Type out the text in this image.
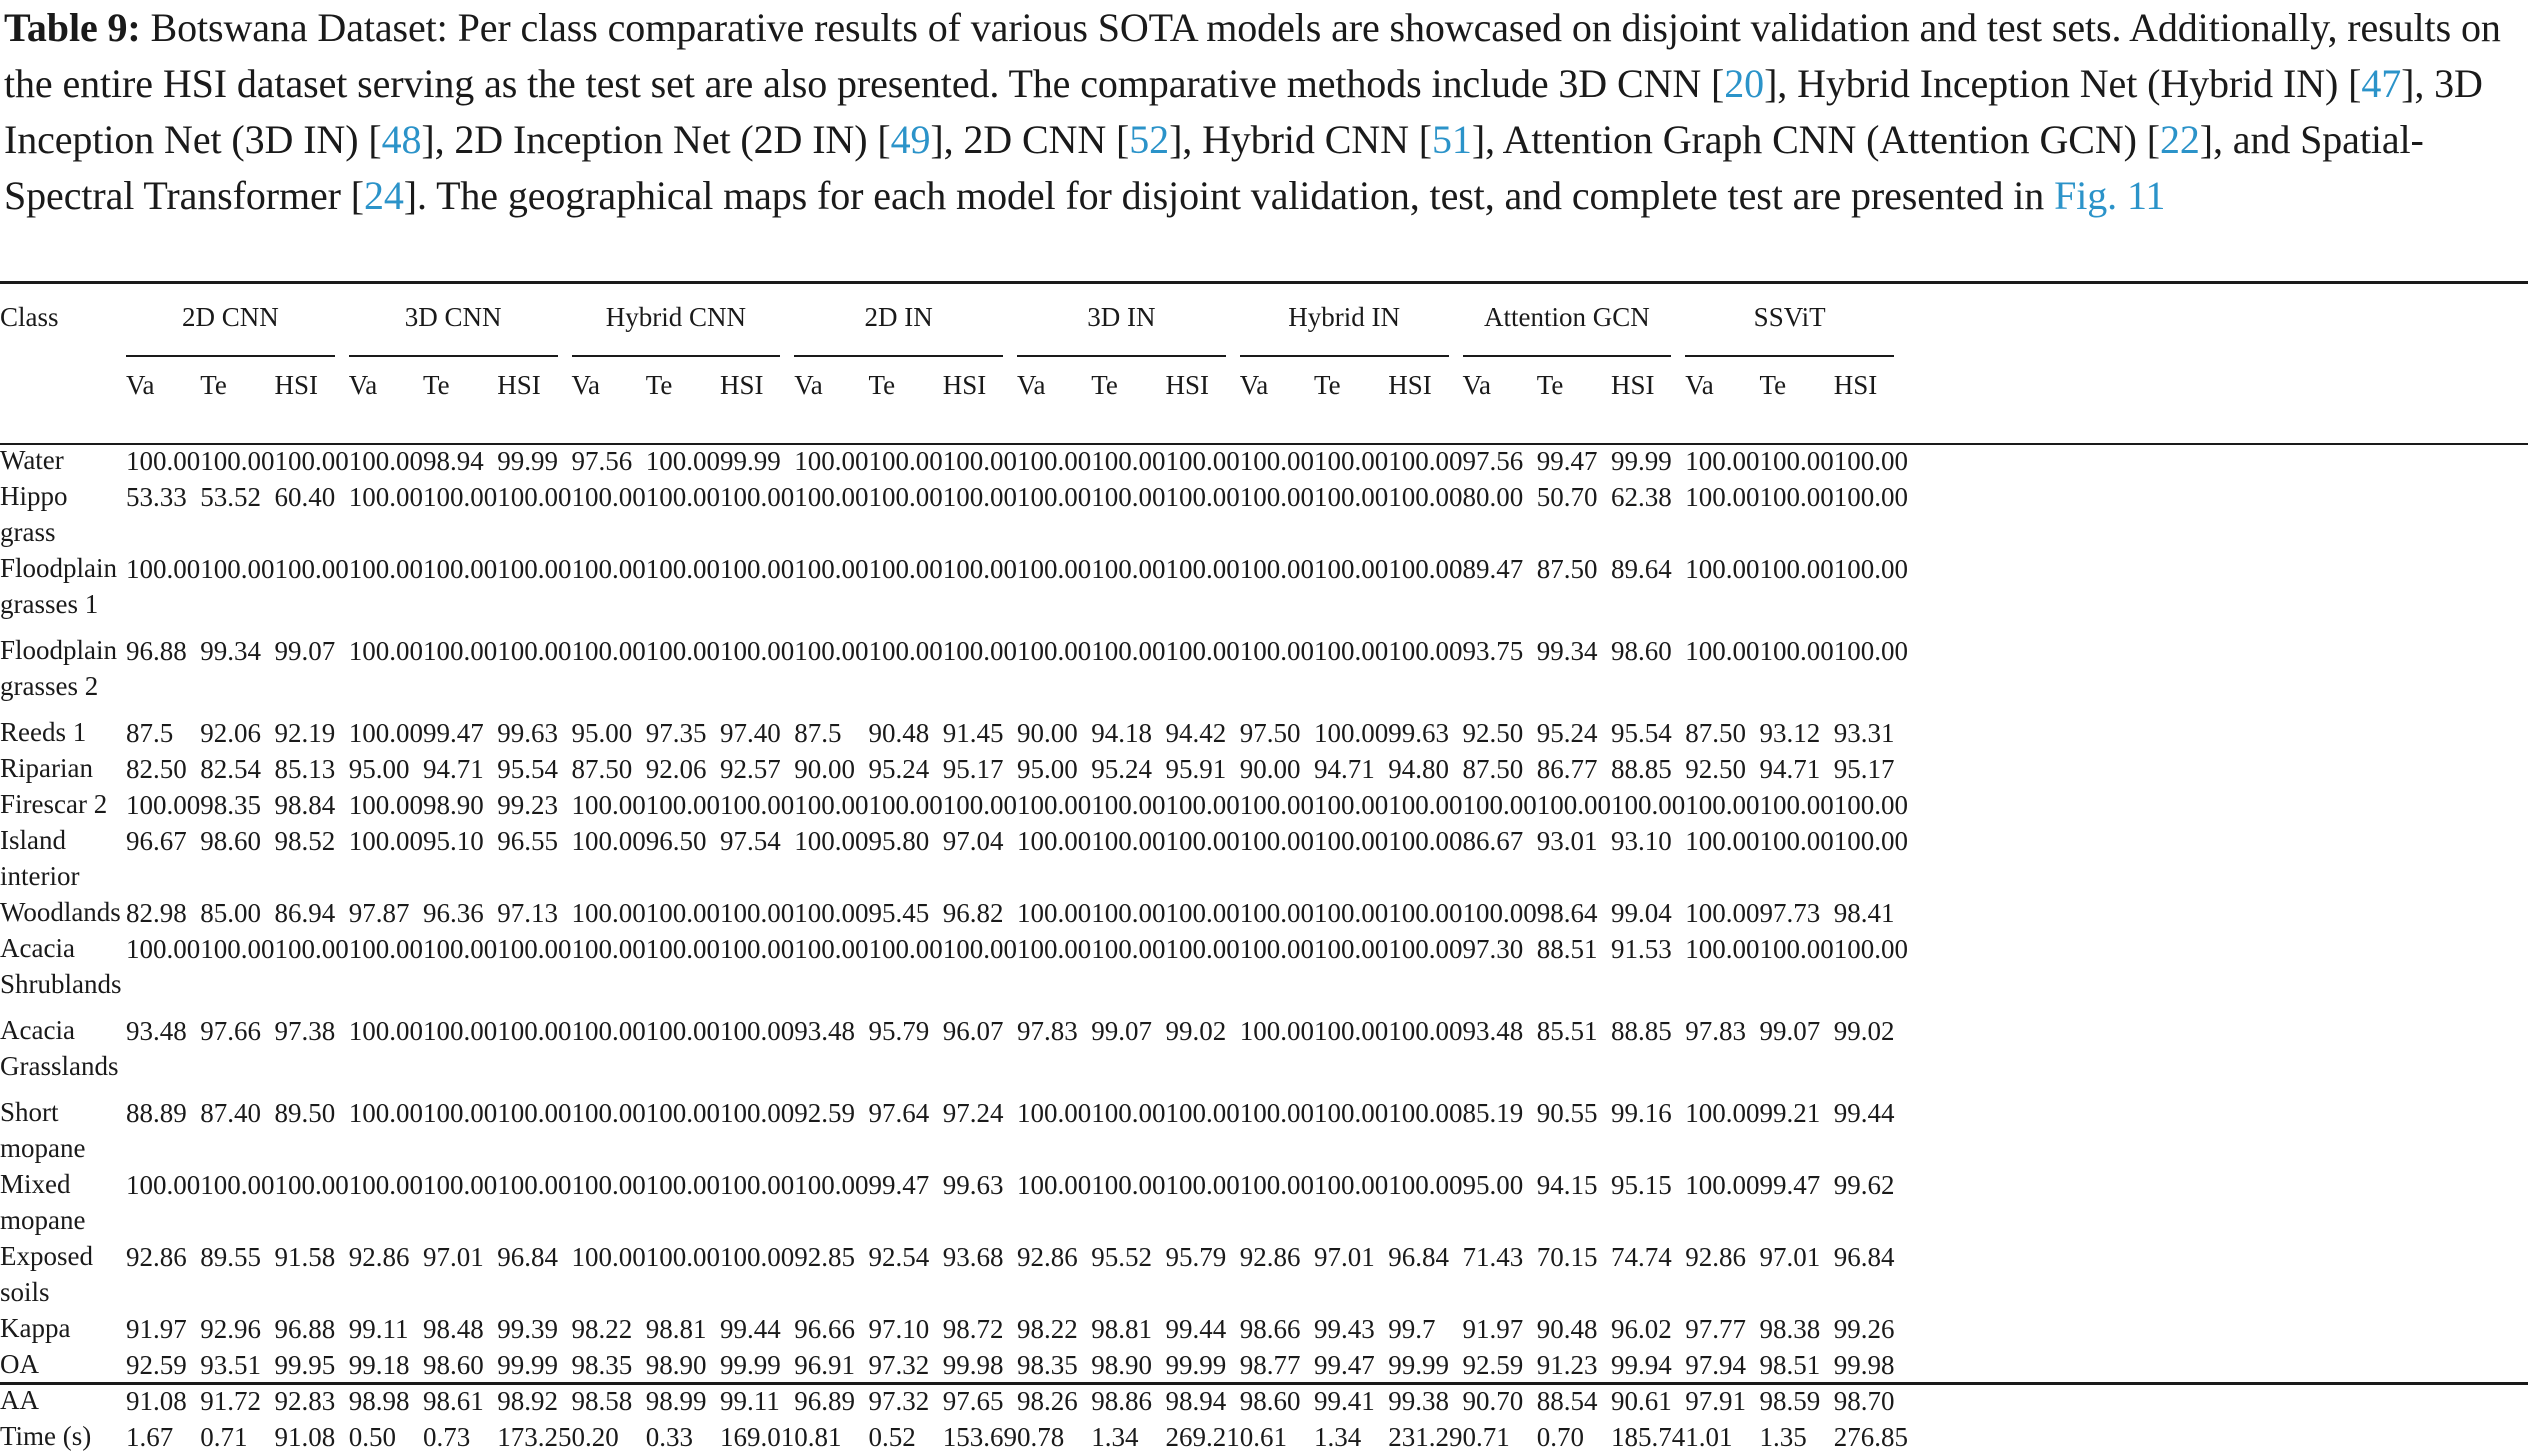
Table 9: Botswana Dataset: Per class comparative results of various SOTA models are showcased on disjoint validation and test sets. Additionally, results on the entire HSI dataset serving as the test set are also presented. The comparative methods include 3D CNN [20], Hybrid Inception Net (Hybrid IN) [47], 3D Inception Net (3D IN) [48], 2D Inception Net (2D IN) [49], 2D CNN [52], Hybrid CNN [51], Attention Graph CNN (Attention GCN) [22], and Spatial-Spectral Transformer [24]. The geographical maps for each model for disjoint validation, test, and complete test are presented in Fig. 11
Class	2D CNN			3D CNN			Hybrid CNN			2D IN			3D IN			Hybrid IN			Attention GCN			SSViT		

	Va	Te	HSI	Va	Te	HSI	Va	Te	HSI	Va	Te	HSI	Va	Te	HSI	Va	Te	HSI	Va	Te	HSI	Va	Te	HSI
Water	100.00	100.00	100.00	100.00	98.94	99.99	97.56	100.00	99.99	100.00	100.00	100.00	100.00	100.00	100.00	100.00	100.00	100.00	97.56	99.47	99.99	100.00	100.00	100.00
Hippo grass	53.33	53.52	60.40	100.00	100.00	100.00	100.00	100.00	100.00	100.00	100.00	100.00	100.00	100.00	100.00	100.00	100.00	100.00	80.00	50.70	62.38	100.00	100.00	100.00
Floodplain grasses 1	100.00	100.00	100.00	100.00	100.00	100.00	100.00	100.00	100.00	100.00	100.00	100.00	100.00	100.00	100.00	100.00	100.00	100.00	89.47	87.50	89.64	100.00	100.00	100.00
Floodplain grasses 2	96.88	99.34	99.07	100.00	100.00	100.00	100.00	100.00	100.00	100.00	100.00	100.00	100.00	100.00	100.00	100.00	100.00	100.00	93.75	99.34	98.60	100.00	100.00	100.00
Reeds 1	87.5	92.06	92.19	100.00	99.47	99.63	95.00	97.35	97.40	87.5	90.48	91.45	90.00	94.18	94.42	97.50	100.00	99.63	92.50	95.24	95.54	87.50	93.12	93.31
Riparian	82.50	82.54	85.13	95.00	94.71	95.54	87.50	92.06	92.57	90.00	95.24	95.17	95.00	95.24	95.91	90.00	94.71	94.80	87.50	86.77	88.85	92.50	94.71	95.17
Firescar 2	100.00	98.35	98.84	100.00	98.90	99.23	100.00	100.00	100.00	100.00	100.00	100.00	100.00	100.00	100.00	100.00	100.00	100.00	100.00	100.00	100.00	100.00	100.00	100.00
Island interior	96.67	98.60	98.52	100.00	95.10	96.55	100.00	96.50	97.54	100.00	95.80	97.04	100.00	100.00	100.00	100.00	100.00	100.00	86.67	93.01	93.10	100.00	100.00	100.00
Woodlands	82.98	85.00	86.94	97.87	96.36	97.13	100.00	100.00	100.00	100.00	95.45	96.82	100.00	100.00	100.00	100.00	100.00	100.00	100.00	98.64	99.04	100.00	97.73	98.41
Acacia Shrublands	100.00	100.00	100.00	100.00	100.00	100.00	100.00	100.00	100.00	100.00	100.00	100.00	100.00	100.00	100.00	100.00	100.00	100.00	97.30	88.51	91.53	100.00	100.00	100.00
Acacia Grasslands	93.48	97.66	97.38	100.00	100.00	100.00	100.00	100.00	100.00	93.48	95.79	96.07	97.83	99.07	99.02	100.00	100.00	100.00	93.48	85.51	88.85	97.83	99.07	99.02
Short mopane	88.89	87.40	89.50	100.00	100.00	100.00	100.00	100.00	100.00	92.59	97.64	97.24	100.00	100.00	100.00	100.00	100.00	100.00	85.19	90.55	99.16	100.00	99.21	99.44
Mixed mopane	100.00	100.00	100.00	100.00	100.00	100.00	100.00	100.00	100.00	100.00	99.47	99.63	100.00	100.00	100.00	100.00	100.00	100.00	95.00	94.15	95.15	100.00	99.47	99.62
Exposed soils	92.86	89.55	91.58	92.86	97.01	96.84	100.00	100.00	100.00	92.85	92.54	93.68	92.86	95.52	95.79	92.86	97.01	96.84	71.43	70.15	74.74	92.86	97.01	96.84
Kappa	91.97	92.96	96.88	99.11	98.48	99.39	98.22	98.81	99.44	96.66	97.10	98.72	98.22	98.81	99.44	98.66	99.43	99.7	91.97	90.48	96.02	97.77	98.38	99.26
OA	92.59	93.51	99.95	99.18	98.60	99.99	98.35	98.90	99.99	96.91	97.32	99.98	98.35	98.90	99.99	98.77	99.47	99.99	92.59	91.23	99.94	97.94	98.51	99.98
AA	91.08	91.72	92.83	98.98	98.61	98.92	98.58	98.99	99.11	96.89	97.32	97.65	98.26	98.86	98.94	98.60	99.41	99.38	90.70	88.54	90.61	97.91	98.59	98.70
Time (s)	1.67	0.71	91.08	0.50	0.73	173.25	0.20	0.33	169.01	0.81	0.52	153.69	0.78	1.34	269.21	0.61	1.34	231.29	0.71	0.70	185.74	1.01	1.35	276.85
